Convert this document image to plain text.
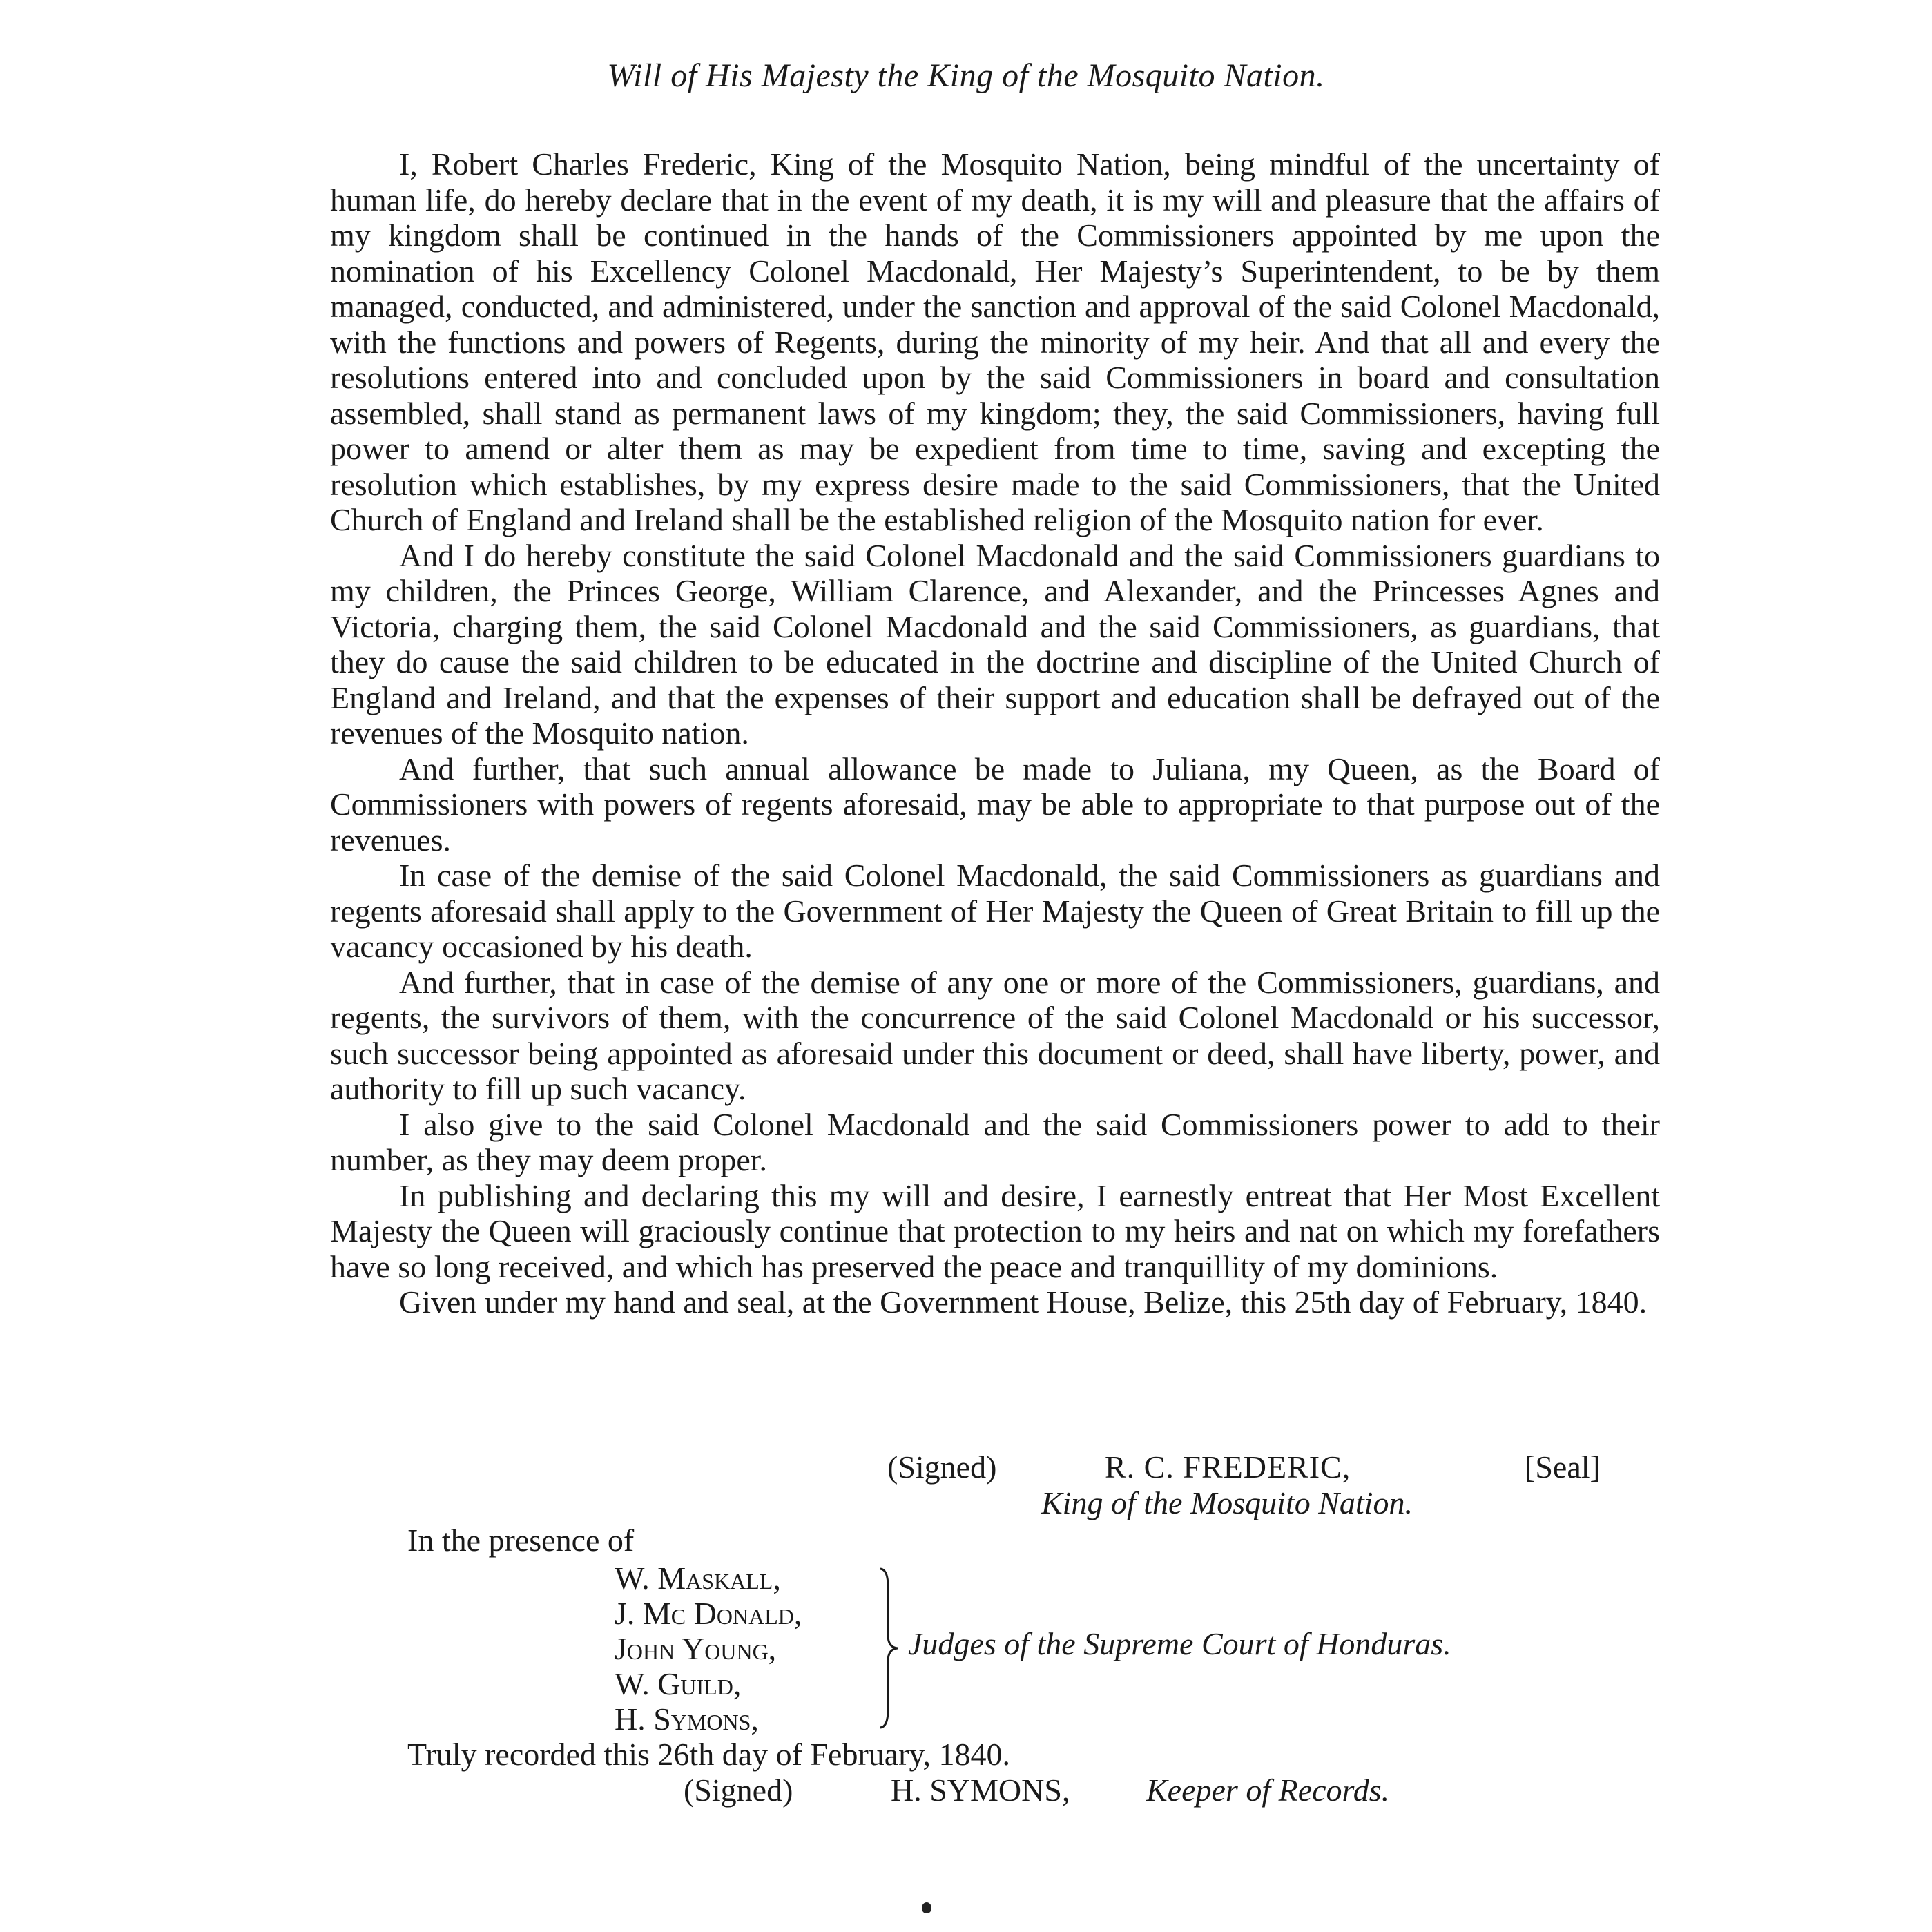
Will of His Majesty the King of the Mosquito Nation.

I, Robert Charles Frederic, King of the Mosquito Nation, being mindful of the uncertainty of human life, do hereby declare that in the event of my death, it is my will and pleasure that the affairs of my kingdom shall be continued in the hands of the Commissioners appointed by me upon the nomination of his Excellency Colonel Macdonald, Her Majesty’s Superintendent, to be by them managed, conducted, and administered, under the sanction and approval of the said Colonel Macdonald, with the functions and powers of Regents, during the minority of my heir. And that all and every the resolutions entered into and concluded upon by the said Commissioners in board and consultation assembled, shall stand as permanent laws of my kingdom; they, the said Commissioners, having full power to amend or alter them as may be expedient from time to time, saving and excepting the resolution which establishes, by my express desire made to the said Commissioners, that the United Church of England and Ireland shall be the established religion of the Mosquito nation for ever.

And I do hereby constitute the said Colonel Macdonald and the said Commissioners guardians to my children, the Princes George, William Clarence, and Alexander, and the Princesses Agnes and Victoria, charging them, the said Colonel Macdonald and the said Commissioners, as guardians, that they do cause the said children to be educated in the doctrine and discipline of the United Church of England and Ireland, and that the expenses of their support and education shall be defrayed out of the revenues of the Mosquito nation.

And further, that such annual allowance be made to Juliana, my Queen, as the Board of Commissioners with powers of regents aforesaid, may be able to appropriate to that purpose out of the revenues.

In case of the demise of the said Colonel Macdonald, the said Commissioners as guardians and regents aforesaid shall apply to the Government of Her Majesty the Queen of Great Britain to fill up the vacancy occasioned by his death.

And further, that in case of the demise of any one or more of the Commissioners, guardians, and regents, the survivors of them, with the concurrence of the said Colonel Macdonald or his successor, such successor being appointed as aforesaid under this document or deed, shall have liberty, power, and authority to fill up such vacancy.

I also give to the said Colonel Macdonald and the said Commissioners power to add to their number, as they may deem proper.

In publishing and declaring this my will and desire, I earnestly entreat that Her Most Excellent Majesty the Queen will graciously continue that protection to my heirs and nat on which my forefathers have so long received, and which has preserved the peace and tranquillity of my dominions.

Given under my hand and seal, at the Government House, Belize, this 25th day of February, 1840.

(Signed)	R. C. FREDERIC,	[Seal]
King of the Mosquito Nation.
In the presence of
W. Maskall,
J. Mc Donald,
John Young,
W. Guild,
H. Symons,
Judges of the Supreme Court of Honduras.
Truly recorded this 26th day of February, 1840.
(Signed)	H. SYMONS, Keeper of Records.
